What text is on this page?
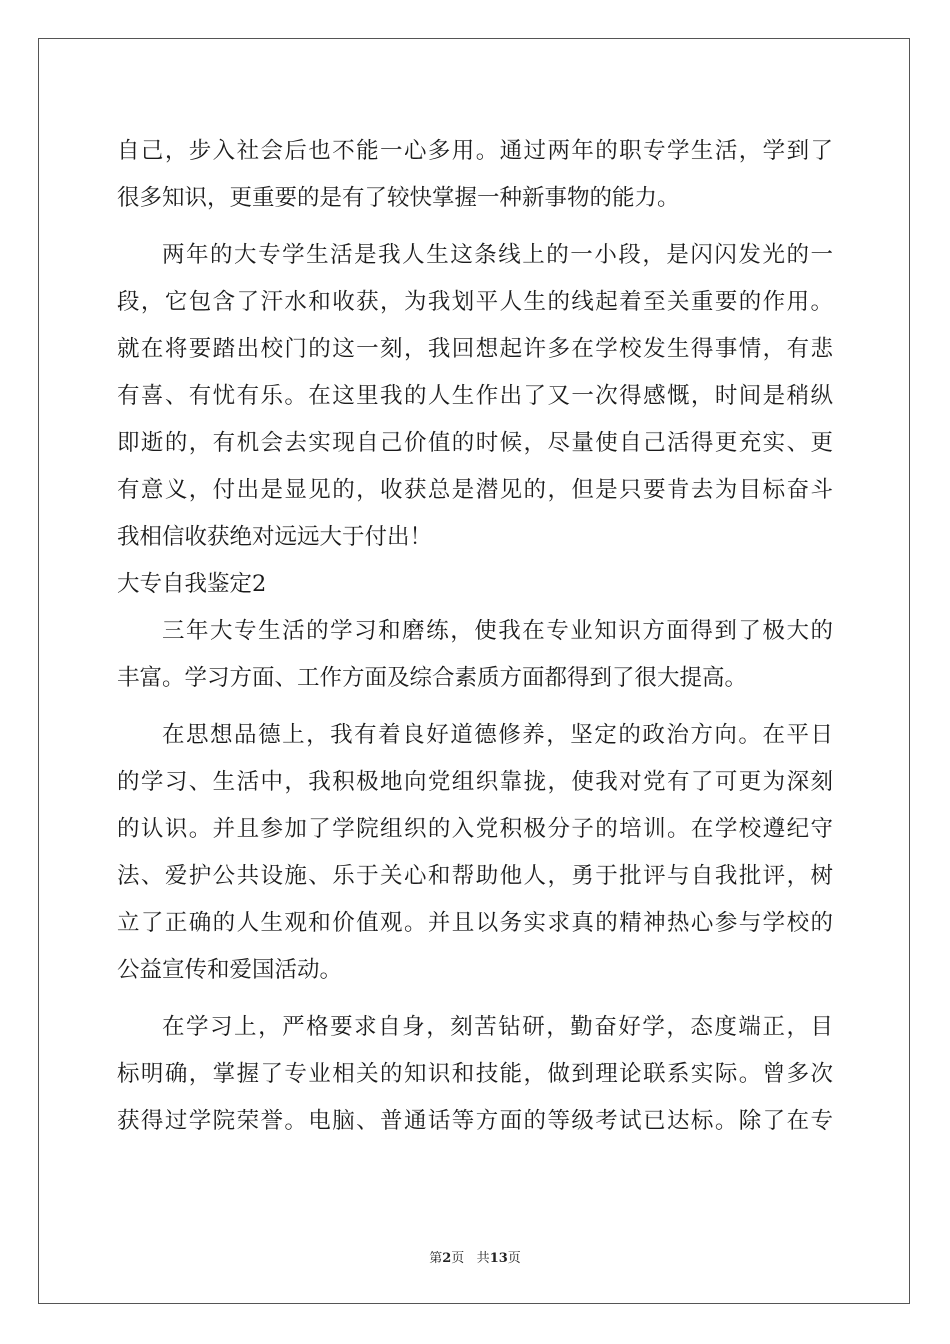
自己，步入社会后也不能一心多用。通过两年的职专学生活，学到了
很多知识，更重要的是有了较快掌握一种新事物的能力。
两年的大专学生活是我人生这条线上的一小段，是闪闪发光的一
段，它包含了汗水和收获，为我划平人生的线起着至关重要的作用。
就在将要踏出校门的这一刻，我回想起许多在学校发生得事情，有悲
有喜、有忧有乐。在这里我的人生作出了又一次得感慨，时间是稍纵
即逝的，有机会去实现自己价值的时候，尽量使自己活得更充实、更
有意义，付出是显见的，收获总是潜见的，但是只要肯去为目标奋斗
我相信收获绝对远远大于付出！
大专自我鉴定2
三年大专生活的学习和磨练，使我在专业知识方面得到了极大的
丰富。学习方面、工作方面及综合素质方面都得到了很大提高。
在思想品德上，我有着良好道德修养，坚定的政治方向。在平日
的学习、生活中，我积极地向党组织靠拢，使我对党有了可更为深刻
的认识。并且参加了学院组织的入党积极分子的培训。在学校遵纪守
法、爱护公共设施、乐于关心和帮助他人，勇于批评与自我批评，树
立了正确的人生观和价值观。并且以务实求真的精神热心参与学校的
公益宣传和爱国活动。
在学习上，严格要求自身，刻苦钻研，勤奋好学，态度端正，目
标明确，掌握了专业相关的知识和技能，做到理论联系实际。曾多次
获得过学院荣誉。电脑、普通话等方面的等级考试已达标。除了在专
第2页 共13页
